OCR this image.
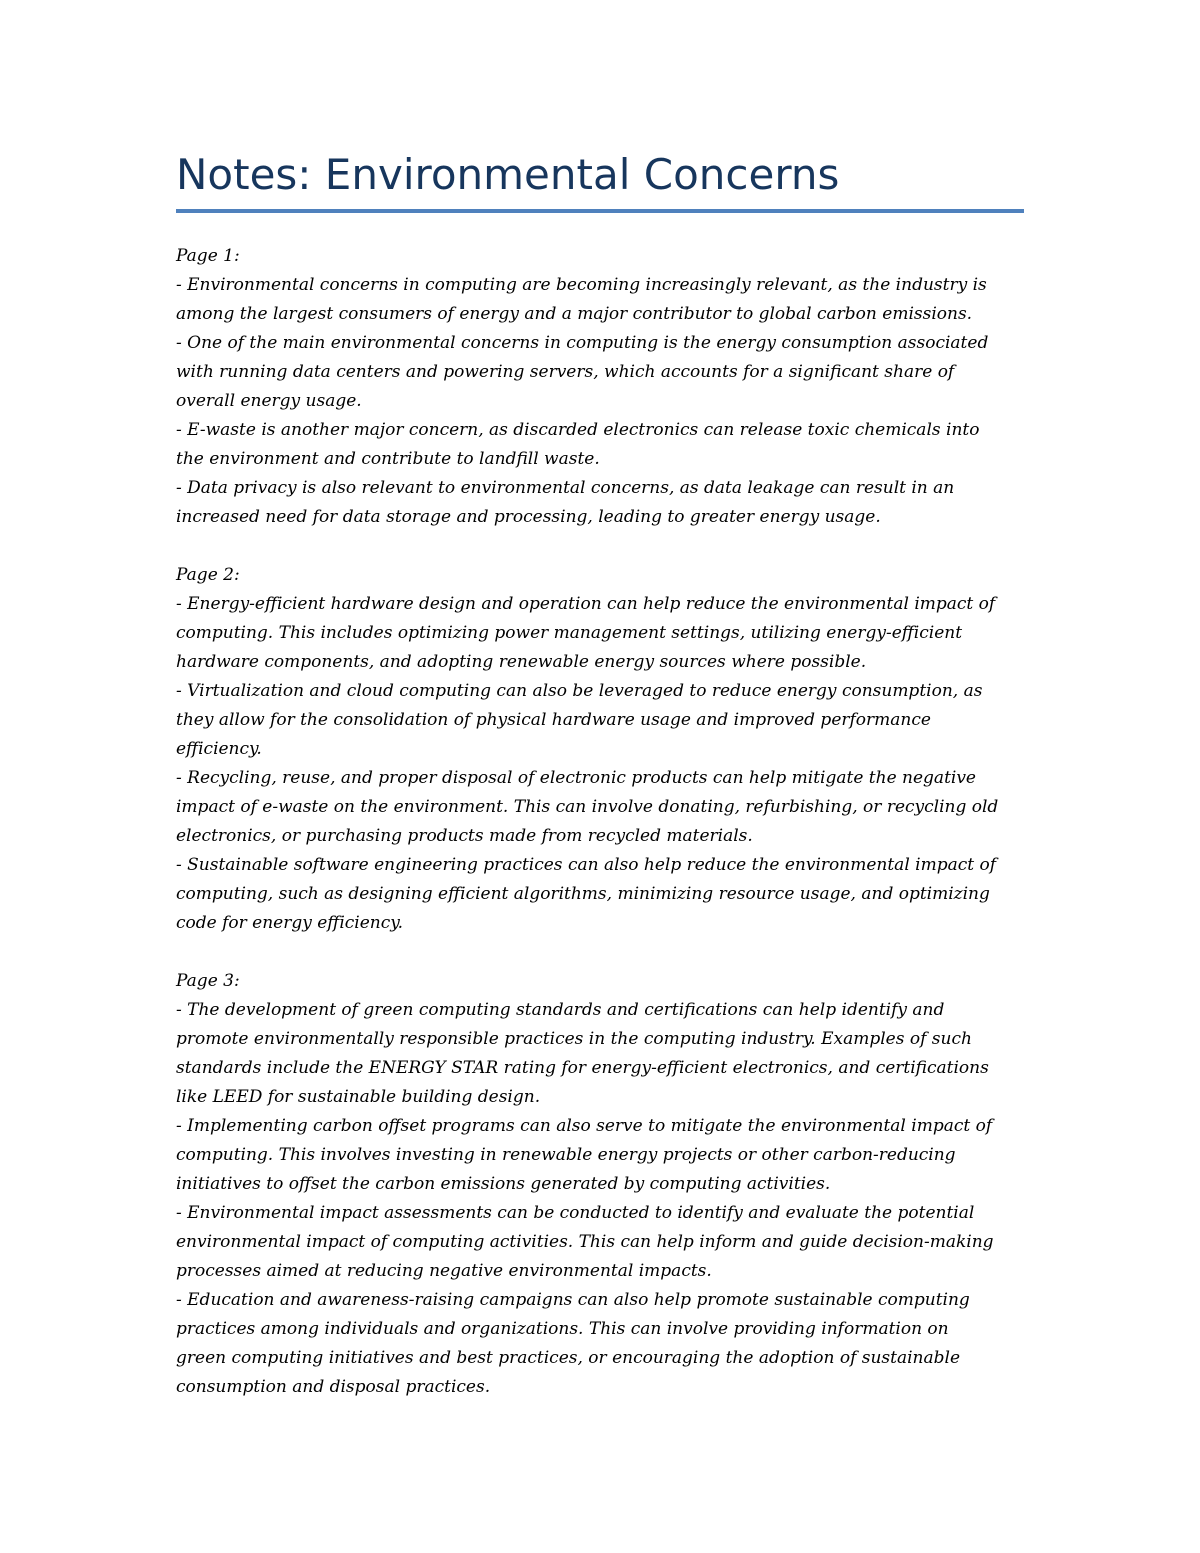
Notes: Environmental Concerns
Page 1:
- Environmental concerns in computing are becoming increasingly relevant, as the industry is
among the largest consumers of energy and a major contributor to global carbon emissions.
- One of the main environmental concerns in computing is the energy consumption associated
with running data centers and powering servers, which accounts for a significant share of
overall energy usage.
- E-waste is another major concern, as discarded electronics can release toxic chemicals into
the environment and contribute to landfill waste.
- Data privacy is also relevant to environmental concerns, as data leakage can result in an
increased need for data storage and processing, leading to greater energy usage.
Page 2:
- Energy-efficient hardware design and operation can help reduce the environmental impact of
computing. This includes optimizing power management settings, utilizing energy-efficient
hardware components, and adopting renewable energy sources where possible.
- Virtualization and cloud computing can also be leveraged to reduce energy consumption, as
they allow for the consolidation of physical hardware usage and improved performance
efficiency.
- Recycling, reuse, and proper disposal of electronic products can help mitigate the negative
impact of e-waste on the environment. This can involve donating, refurbishing, or recycling old
electronics, or purchasing products made from recycled materials.
- Sustainable software engineering practices can also help reduce the environmental impact of
computing, such as designing efficient algorithms, minimizing resource usage, and optimizing
code for energy efficiency.
Page 3:
- The development of green computing standards and certifications can help identify and
promote environmentally responsible practices in the computing industry. Examples of such
standards include the ENERGY STAR rating for energy-efficient electronics, and certifications
like LEED for sustainable building design.
- Implementing carbon offset programs can also serve to mitigate the environmental impact of
computing. This involves investing in renewable energy projects or other carbon-reducing
initiatives to offset the carbon emissions generated by computing activities.
- Environmental impact assessments can be conducted to identify and evaluate the potential
environmental impact of computing activities. This can help inform and guide decision-making
processes aimed at reducing negative environmental impacts.
- Education and awareness-raising campaigns can also help promote sustainable computing
practices among individuals and organizations. This can involve providing information on
green computing initiatives and best practices, or encouraging the adoption of sustainable
consumption and disposal practices.
